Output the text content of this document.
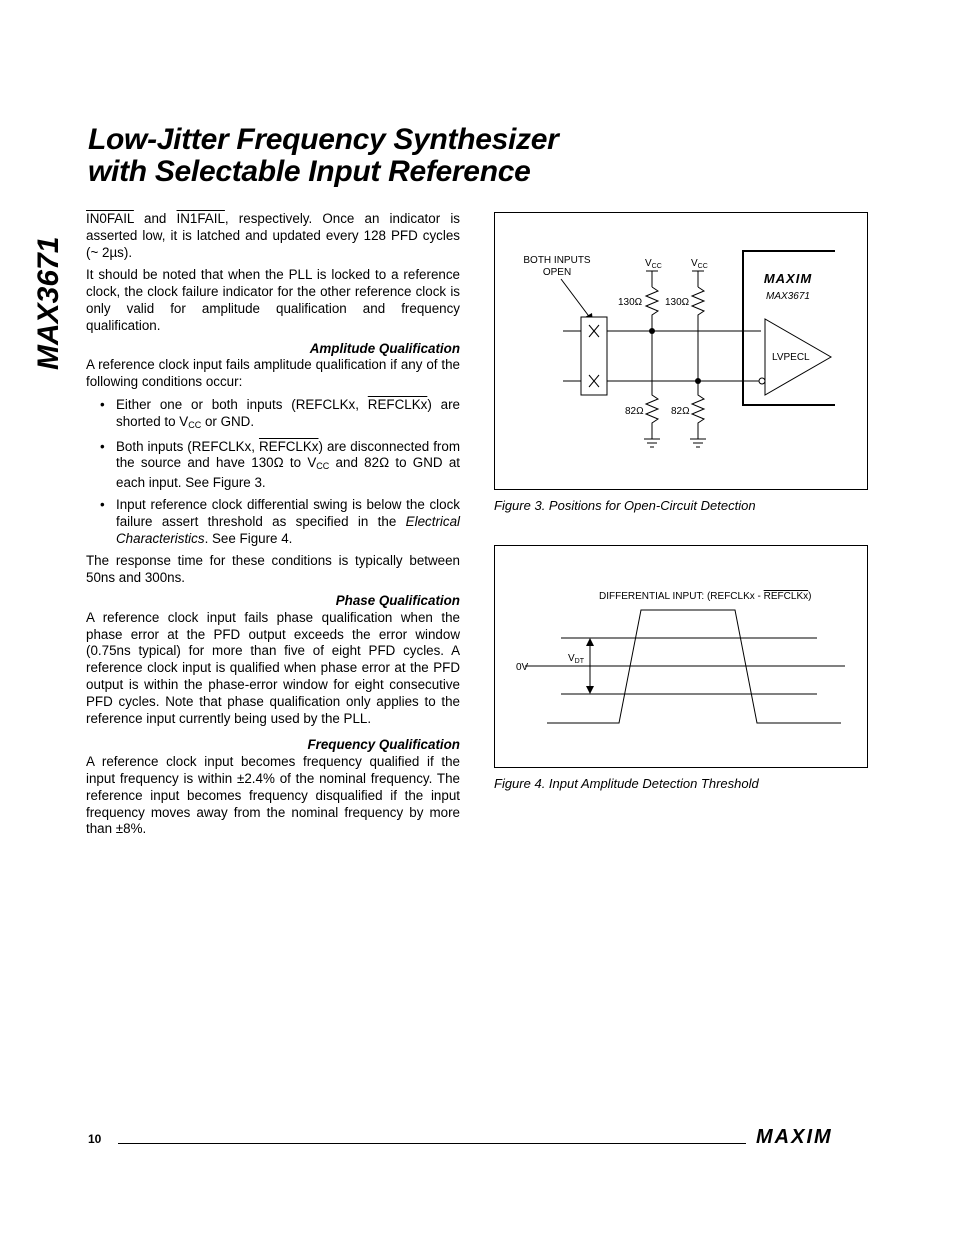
Low-Jitter Frequency Synthesizer
with Selectable Input Reference
MAX3671

IN0FAIL and IN1FAIL, respectively. Once an indicator is asserted low, it is latched and updated every 128 PFD cycles (~ 2µs).

It should be noted that when the PLL is locked to a reference clock, the clock failure indicator for the other reference clock is only valid for amplitude qualification and frequency qualification.

Amplitude Qualification

A reference clock input fails amplitude qualification if any of the following conditions occur:

• Either one or both inputs (REFCLKx, REFCLKx) are shorted to $V_{CC}$ or GND.
• Both inputs (REFCLKx, REFCLKx) are disconnected from the source and have 130Ω to $V_{CC}$ and 82Ω to GND at each input. See Figure 3.
• Input reference clock differential swing is below the clock failure assert threshold as specified in the Electrical Characteristics. See Figure 4.

The response time for these conditions is typically between 50ns and 300ns.

Phase Qualification

A reference clock input fails phase qualification when the phase error at the PFD output exceeds the error window (0.75ns typical) for more than five of eight PFD cycles. A reference clock input is qualified when phase error at the PFD output is within the phase-error window for eight consecutive PFD cycles. Note that phase qualification only applies to the reference input currently being used by the PLL.

Frequency Qualification

A reference clock input becomes frequency qualified if the input frequency is within ±2.4% of the nominal frequency. The reference input becomes frequency disqualified if the input frequency moves away from the nominal frequency by more than ±8%.

BOTH INPUTS
OPEN
$V_{CC}$	$V_{CC}$
130Ω 130Ω
82Ω	82Ω
MAXIM
MAX3671
LVPECL
Figure 3. Positions for Open-Circuit Detection
DIFFERENTIAL INPUT: (REFCLKx - REFCLKx)
0V
$V_{DT}$
Figure 4. Input Amplitude Detection Threshold
10	MAXIM
